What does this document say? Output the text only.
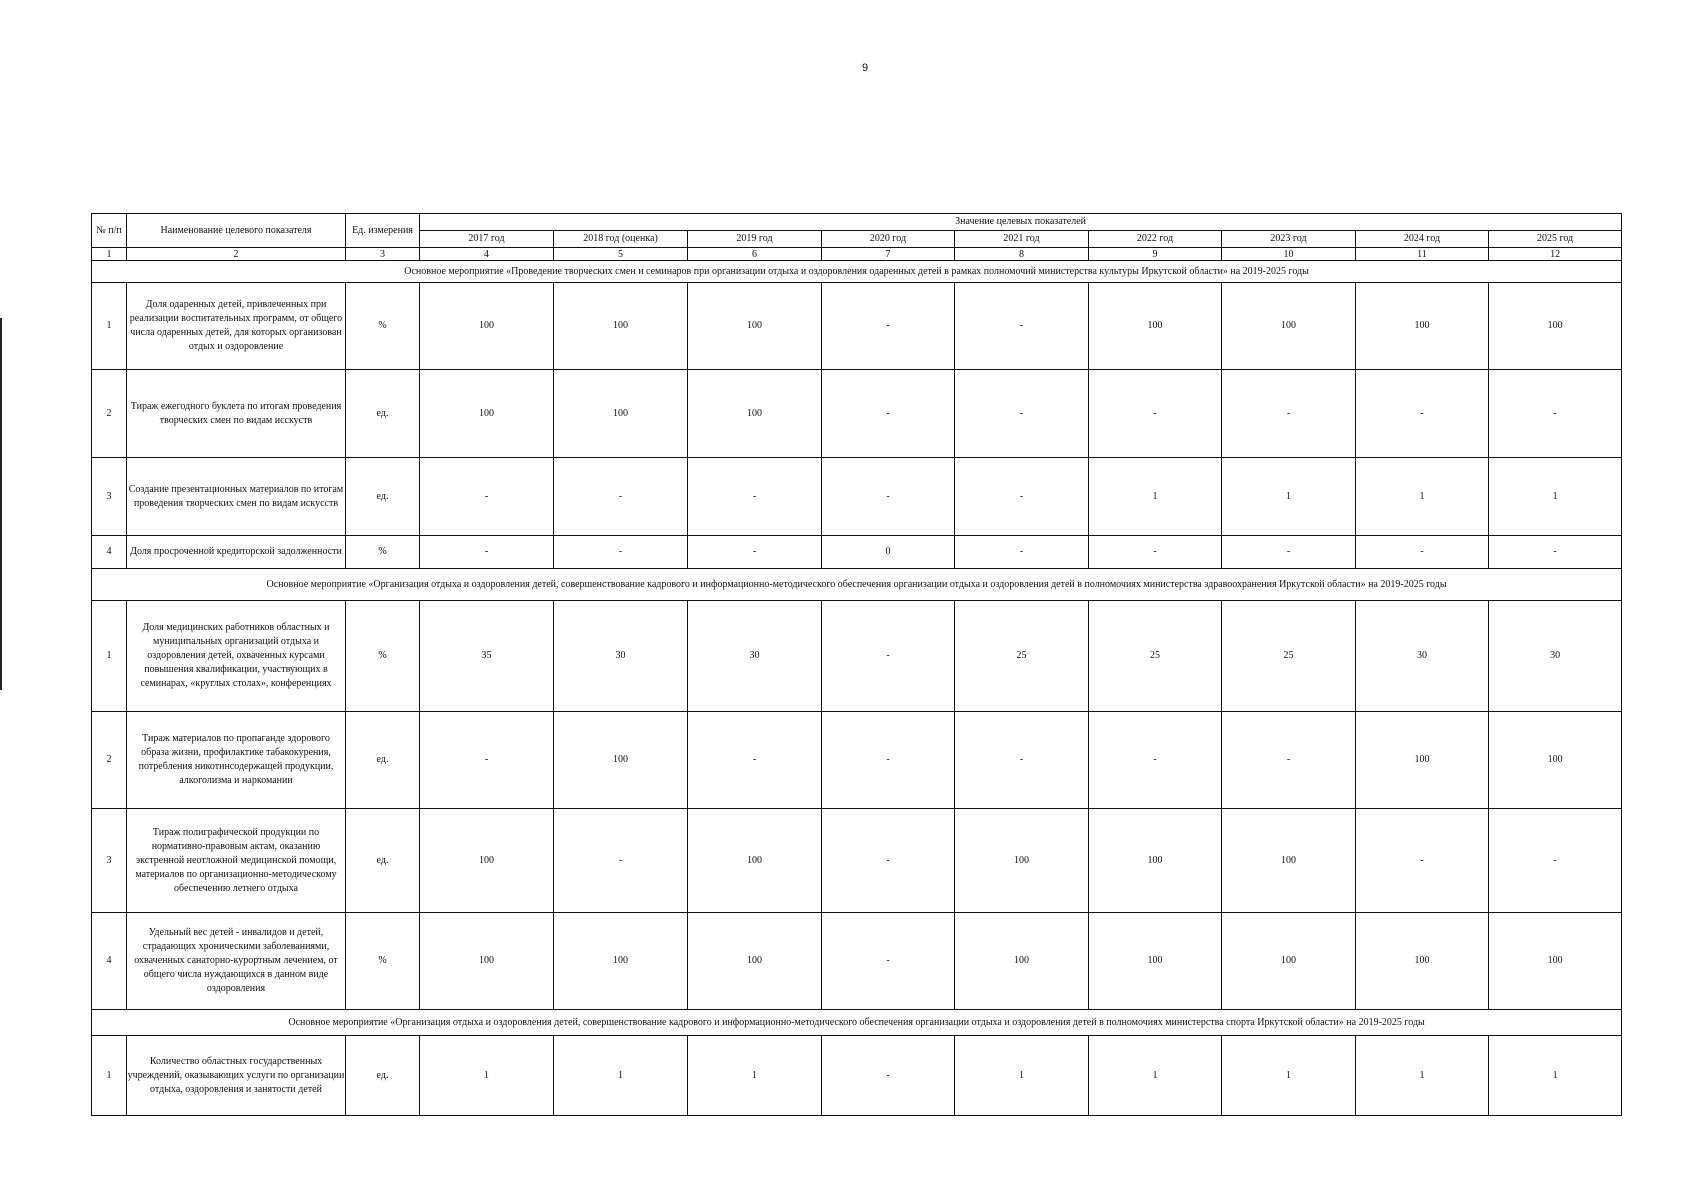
9
№ п/п	Наименование целевого показателя	Ед. измерения	Значение целевых показателей								
			2017 год	2018 год (оценка)	2019 год	2020 год	2021 год	2022 год	2023 год	2024 год	2025 год
1	2	3	4	5	6	7	8	9	10	11	12
Основное мероприятие «Проведение творческих смен и семинаров при организации отдыха и оздоровления одаренных детей в рамках полномочий министерства культуры Иркутской области» на 2019-2025 годы											
1	Доля одаренных детей, привлеченных при реализации воспитательных программ, от общего числа одаренных детей, для которых организован отдых и оздоровление	%	100	100	100	-	-	100	100	100	100
2	Тираж ежегодного буклета по итогам проведения творческих смен по видам исскуств	ед.	100	100	100	-	-	-	-	-	-
3	Создание презентационных материалов по итогам проведения творческих смен по видам искусств	ед.	-	-	-	-	-	1	1	1	1
4	Доля просроченной кредиторской задолженности	%	-	-	-	0	-	-	-	-	-
Основное мероприятие «Организация отдыха и оздоровления детей, совершенствование кадрового и информационно-методического обеспечения организации отдыха и оздоровления детей в полномочиях министерства здравоохранения Иркутской области» на 2019-2025 годы											
1	Доля медицинских работников областных и муниципальных организаций отдыха и оздоровления детей, охваченных курсами повышения квалификации, участвующих в семинарах, «круглых столах», конференциях	%	35	30	30	-	25	25	25	30	30
2	Тираж материалов по пропаганде здорового образа жизни, профилактике табакокурения, потребления никотинсодержащей продукции, алкоголизма и наркомании	ед.	-	100	-	-	-	-	-	100	100
3	Тираж полиграфической продукции по нормативно-правовым актам, оказанию экстренной неотложной медицинской помощи, материалов по организационно-методическому обеспечению летнего отдыха	ед.	100	-	100	-	100	100	100	-	-
4	Удельный вес детей - инвалидов и детей, страдающих хроническими заболеваниями, охваченных санаторно-курортным лечением, от общего числа нуждающихся в данном виде оздоровления	%	100	100	100	-	100	100	100	100	100
Основное мероприятие «Организация отдыха и оздоровления детей, совершенствование кадрового и информационно-методического обеспечения организации отдыха и оздоровления детей в полномочиях министерства спорта Иркутской области» на 2019-2025 годы											
1	Количество областных государственных учреждений, оказывающих услуги по организации отдыха, оздоровления и занятости детей	ед.	1	1	1	-	1	1	1	1	1
